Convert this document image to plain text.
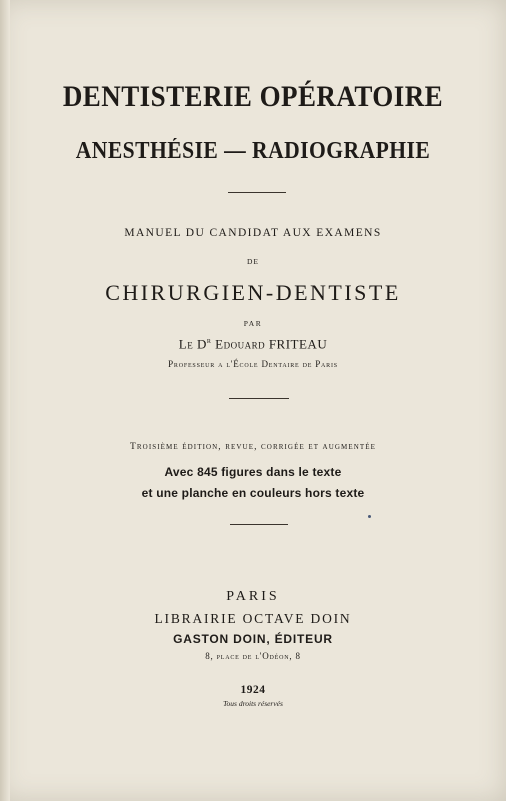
DENTISTERIE OPÉRATOIRE
ANESTHÉSIE — RADIOGRAPHIE
MANUEL DU CANDIDAT AUX EXAMENS
DE
CHIRURGIEN-DENTISTE
PAR
Le $D^r$ Edouard FRITEAU
Professeur a l'École Dentaire de Paris
Troisième édition, revue, corrigée et augmentée
Avec 845 figures dans le texte
et une planche en couleurs hors texte
PARIS
LIBRAIRIE OCTAVE DOIN
GASTON DOIN, ÉDITEUR
8, place de l'Odéon, 8
1924
Tous droits réservés
